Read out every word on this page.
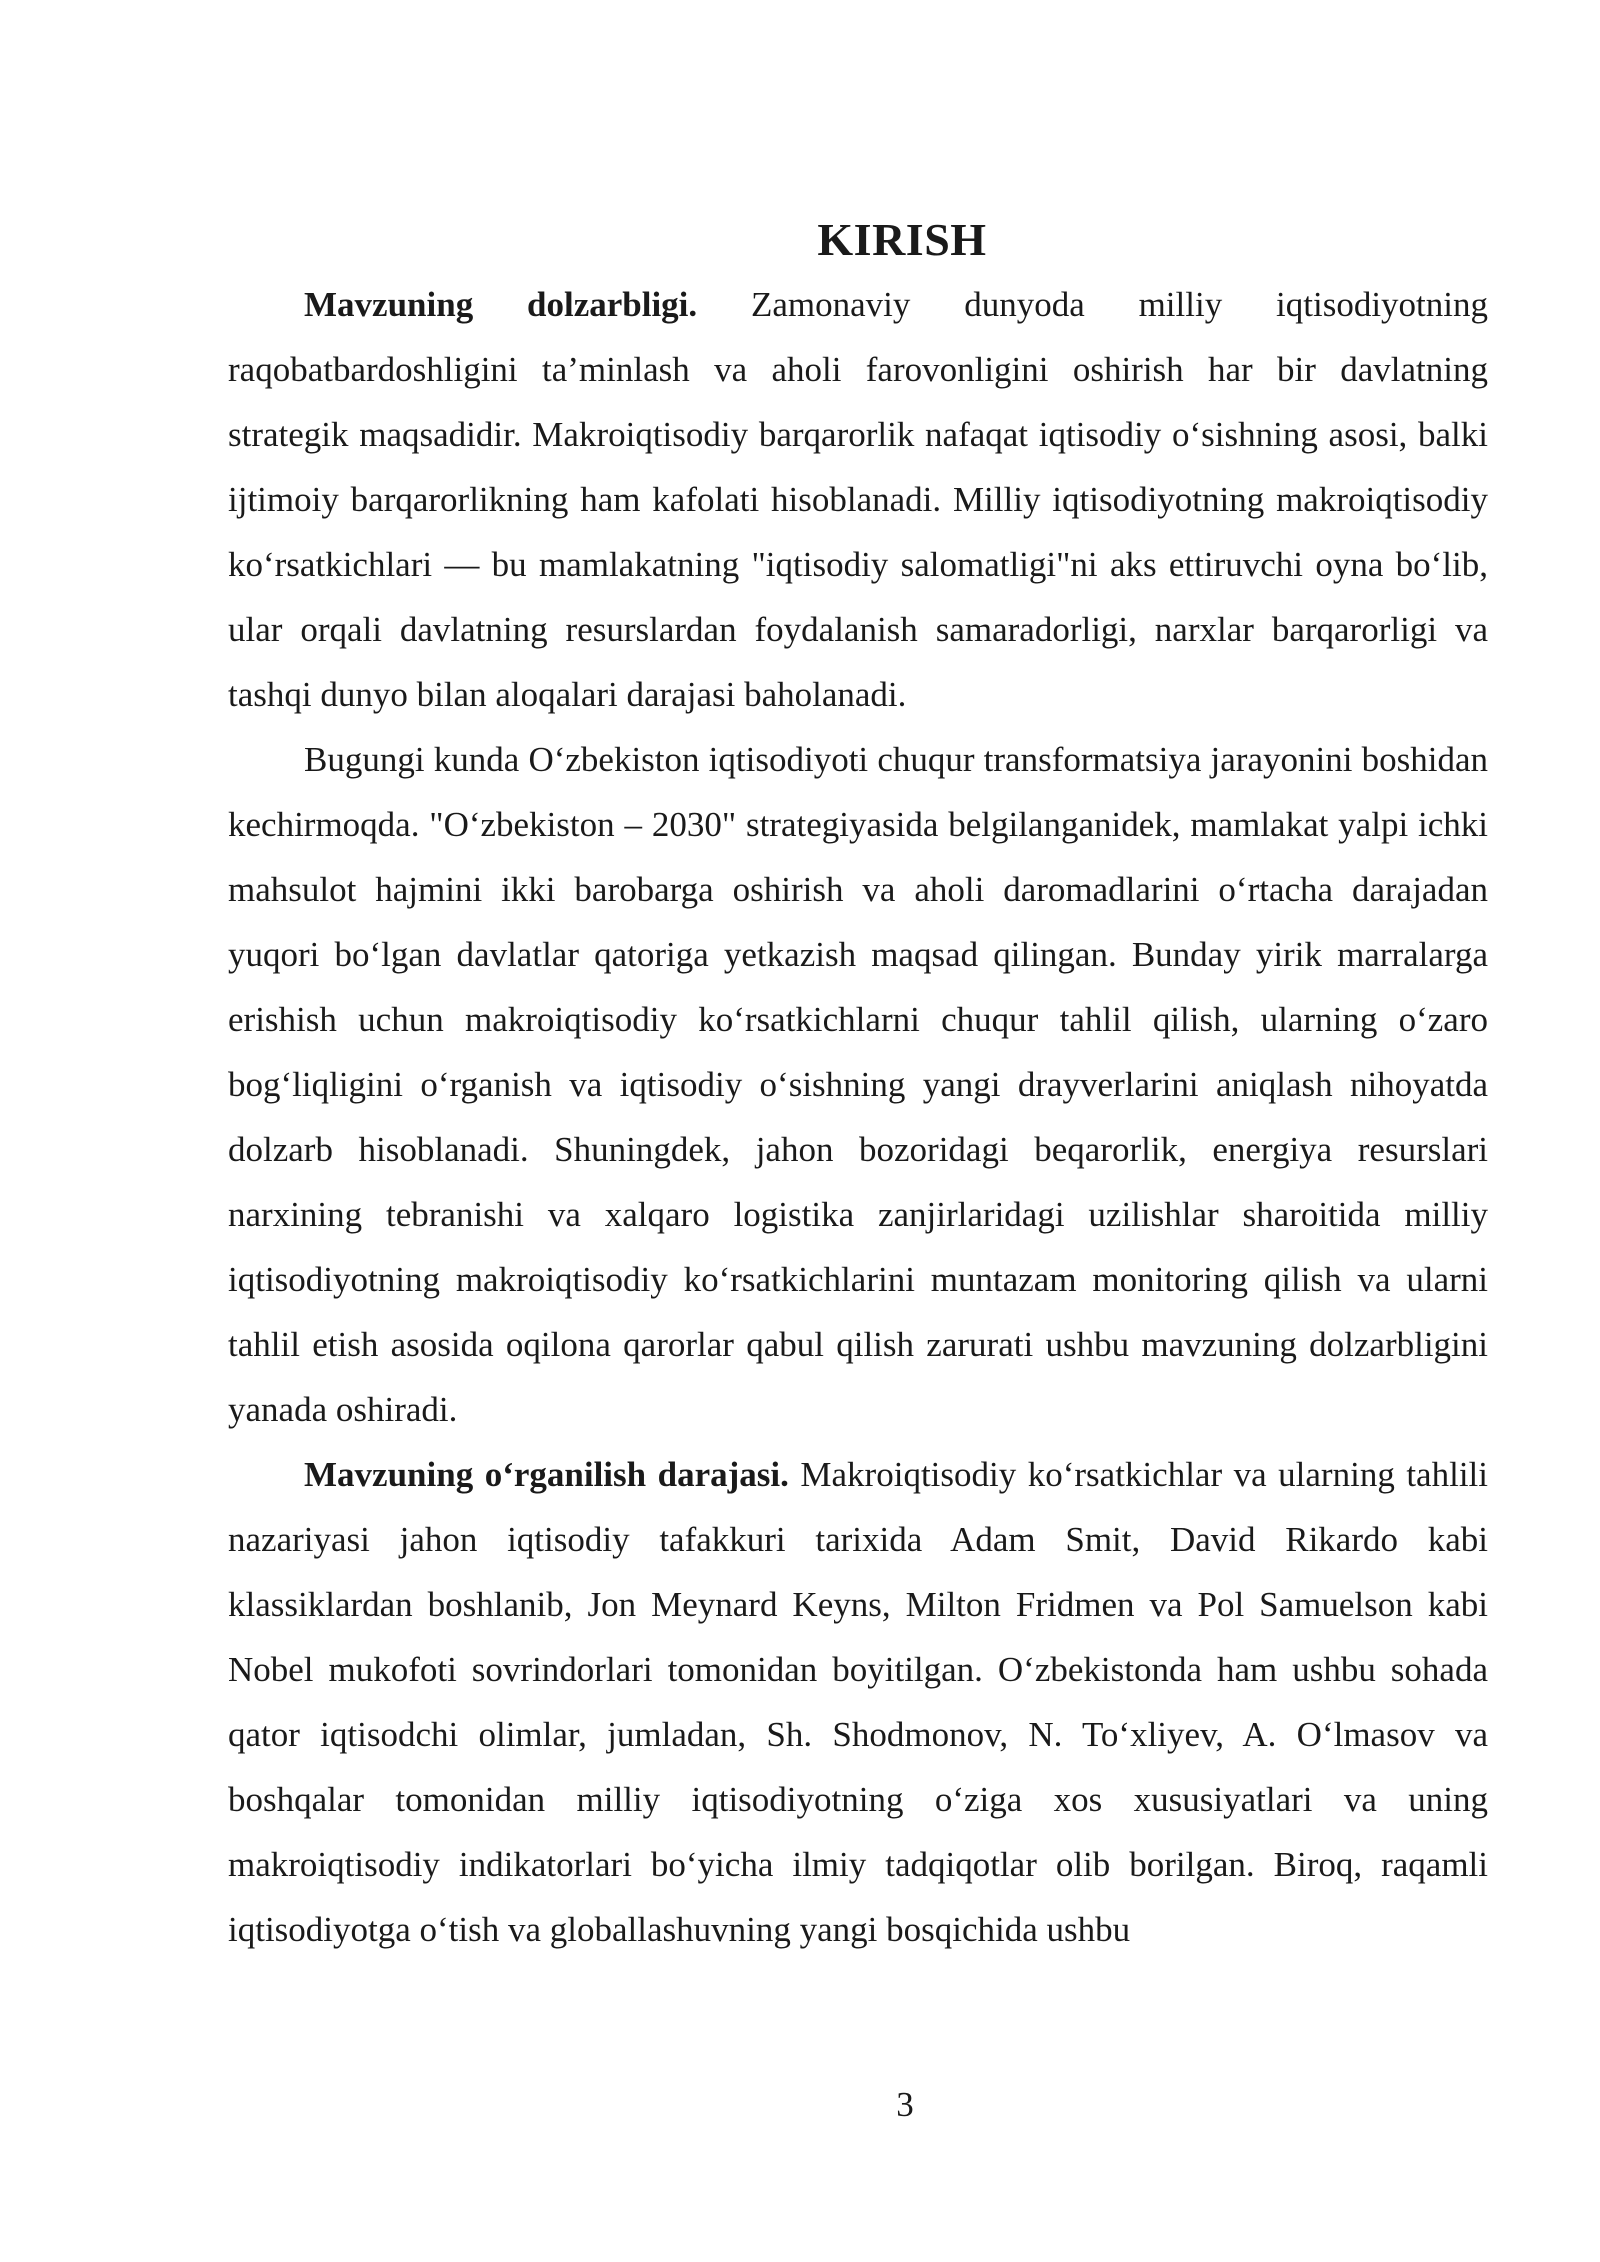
KIRISH

Mavzuning dolzarbligi. Zamonaviy dunyoda milliy iqtisodiyotning raqobatbardoshligini ta’minlash va aholi farovonligini oshirish har bir davlatning strategik maqsadidir. Makroiqtisodiy barqarorlik nafaqat iqtisodiy o‘sishning asosi, balki ijtimoiy barqarorlikning ham kafolati hisoblanadi. Milliy iqtisodiyotning makroiqtisodiy ko‘rsatkichlari — bu mamlakatning "iqtisodiy salomatligi"ni aks ettiruvchi oyna bo‘lib, ular orqali davlatning resurslardan foydalanish samaradorligi, narxlar barqarorligi va tashqi dunyo bilan aloqalari darajasi baholanadi.

Bugungi kunda O‘zbekiston iqtisodiyoti chuqur transformatsiya jarayonini boshidan kechirmoqda. "O‘zbekiston – 2030" strategiyasida belgilanganidek, mamlakat yalpi ichki mahsulot hajmini ikki barobarga oshirish va aholi daromadlarini o‘rtacha darajadan yuqori bo‘lgan davlatlar qatoriga yetkazish maqsad qilingan. Bunday yirik marralarga erishish uchun makroiqtisodiy ko‘rsatkichlarni chuqur tahlil qilish, ularning o‘zaro bog‘liqligini o‘rganish va iqtisodiy o‘sishning yangi drayverlarini aniqlash nihoyatda dolzarb hisoblanadi. Shuningdek, jahon bozoridagi beqarorlik, energiya resurslari narxining tebranishi va xalqaro logistika zanjirlaridagi uzilishlar sharoitida milliy iqtisodiyotning makroiqtisodiy ko‘rsatkichlarini muntazam monitoring qilish va ularni tahlil etish asosida oqilona qarorlar qabul qilish zarurati ushbu mavzuning dolzarbligini yanada oshiradi.

Mavzuning o‘rganilish darajasi. Makroiqtisodiy ko‘rsatkichlar va ularning tahlili nazariyasi jahon iqtisodiy tafakkuri tarixida Adam Smit, David Rikardo kabi klassiklardan boshlanib, Jon Meynard Keyns, Milton Fridmen va Pol Samuelson kabi Nobel mukofoti sovrindorlari tomonidan boyitilgan. O‘zbekistonda ham ushbu sohada qator iqtisodchi olimlar, jumladan, Sh. Shodmonov, N. To‘xliyev, A. O‘lmasov va boshqalar tomonidan milliy iqtisodiyotning o‘ziga xos xususiyatlari va uning makroiqtisodiy indikatorlari bo‘yicha ilmiy tadqiqotlar olib borilgan. Biroq, raqamli iqtisodiyotga o‘tish va globallashuvning yangi bosqichida ushbu

3
